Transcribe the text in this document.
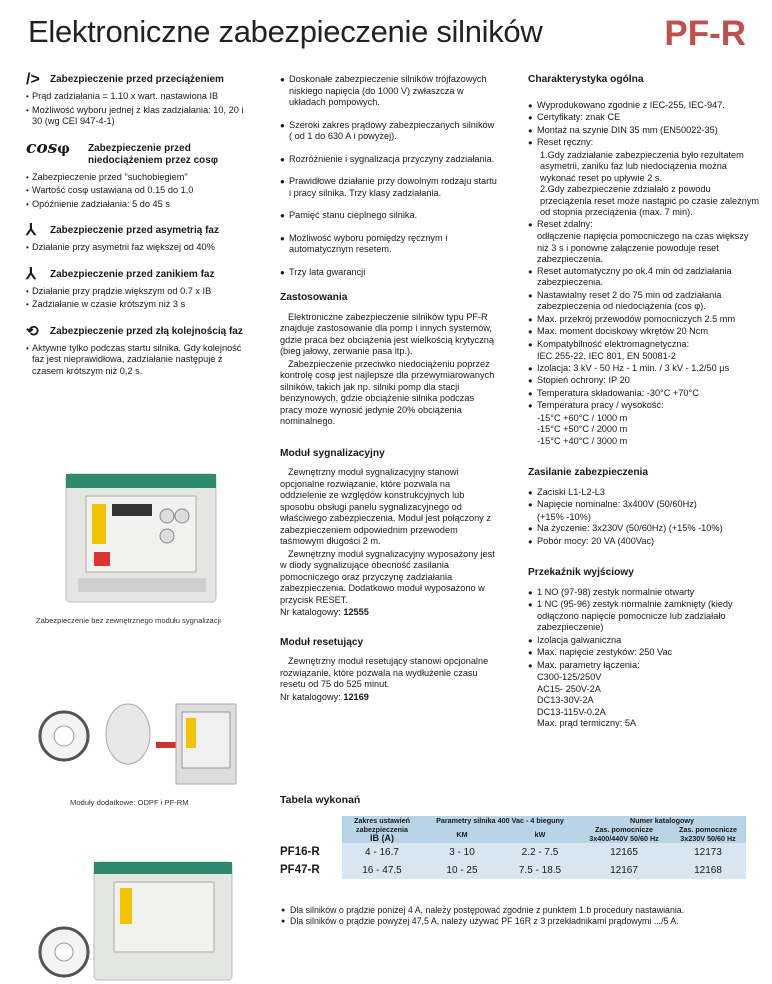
Elektroniczne zabezpieczenie silników	PF-R
/>	Zabezpieczenie przed przeciążeniem
• Prąd zadziałania = 1.10 x wart. nastawiona IB
• Możliwość wyboru jednej z klas zadziałania: 10, 20 i 30 (wg CEI 947-4-1)
cosφ	Zabezpieczenie przed niedociążeniem przez cosφ
• Zabezpieczenie przed "suchobiegiem"
• Wartość cosφ ustawiana od 0.15 do 1,0
• Opóźnienie zadziałania: 5 do 45 s
⅄	Zabezpieczenie przed asymetrią faz
• Działanie przy asymetrii faz większej od 40%
⅄	Zabezpieczenie przed zanikiem faz
• Działanie przy prądzie większym od 0.7 x IB
• Zadziałanie w czasie krótszym niż 3 s
⟲	Zabezpieczenie przed złą kolejnością faz
• Aktywne tylko podczas startu silnika. Gdy kolejność faz jest nieprawidłowa, zadziałanie następuje z czasem krótszym niż 0,2 s.
Zabezpieczenie bez zewnętrznego modułu sygnalizacji
Moduły dodatkowe: ODPF i PF-RM
● Doskonałe zabezpieczenie silników trójfazowych niskiego napięcia (do 1000 V) zwłaszcza w układach pompowych.
● Szeroki zakres prądowy zabezpieczanych silników ( od 1 do 630 A i powyżej).
● Rozróżnienie i sygnalizacja przyczyny zadziałania.
● Prawidłowe działanie przy dowolnym rodzaju startu i pracy silnika. Trzy klasy zadziałania.
● Pamięć stanu cieplnego silnika.
● Możliwość wyboru pomiędzy ręcznym i automatycznym resetem.
● Trzy lata gwarancji
Zastosowania

Elektroniczne zabezpieczenie silników typu PF-R znajduje zastosowanie dla pomp i innych systemów, gdzie praca bez obciążenia jest wielkością krytyczną (bieg jałowy, zerwanie pasa itp.).

Zabezpieczenie przeciwko niedociążeniu poprzez kontrolę cosφ jest najlepsze dla przewymiarowanych silników, takich jak np. silniki pomp dla stacji benzynowych, gdzie obciążenie silnika podczas pracy może wynosić jedynie 20% obciążenia nominalnego.

Moduł sygnalizacyjny

Zewnętrzny moduł sygnalizacyjny stanowi opcjonalne rozwiązanie, które pozwala na oddzielenie ze względów konstrukcyjnych lub sposobu obsługi panelu sygnalizacyjnego od właściwego zabezpieczenia. Moduł jest połączony z zabezpieczeniem odpowiednim przewodem taśmowym długości 2 m.

Zewnętrzny moduł sygnalizacyjny wyposażony jest w diody sygnalizujące obecność zasilania pomocniczego oraz przyczynę zadziałania zabezpieczenia. Dodatkowo moduł wyposażono w przycisk RESET.

Nr katalogowy: 12555
Moduł resetujący

Zewnętrzny moduł resetujący stanowi opcjonalne rozwiązanie, które pozwala na wydłużenie czasu resetu od 75 do 525 minut.

Nr katalogowy: 12169
Charakterystyka ogólna
● Wyprodukowano zgodnie z IEC-255, IEC-947.
● Certyfikaty: znak CE
● Montaż na szynie DIN 35 mm (EN50022-35)
● Reset ręczny:
1.Gdy zadziałanie zabezpieczenia było rezultatem asymetrii, zaniku faz lub niedociążenia można wykonać reset po upływie 2 s.
2.Gdy zabezpieczenie zdziałało z powodu przeciążenia reset może nastąpić po czasie zależnym od stopnia przeciążenia (max. 7 min).
● Reset zdalny:
odłączenie napięcia pomocniczego na czas większy niż 3 s i ponowne załączenie powoduje reset zabezpieczenia.
● Reset automatyczny po ok.4 min od zadziałania zabezpieczenia.
● Nastawialny reset 2 do 75 min od zadziałania zabezpieczenia od niedociążenia (cos φ).
● Max. przekrój przewodów pomocniczych 2.5 mm
● Max. moment dociskowy wkrętów 20 Ncm
● Kompatybilność elektromagnetyczna:
IEC 255-22, IEC 801, EN 50081-2
● Izolacja: 3 kV - 50 Hz - 1 min. / 3 kV - 1.2/50 µs
● Stopień ochrony: IP 20
● Temperatura składowania: -30°C +70°C
● Temperatura pracy / wysokość:
-15°C +60°C / 1000 m
-15°C +50°C / 2000 m
-15°C +40°C / 3000 m
Zasilanie zabezpieczenia
● Zaciski L1-L2-L3
● Napięcie nominalne: 3x400V (50/60Hz)
(+15% -10%)
● Na życzenie: 3x230V (50/60Hz) (+15% -10%)
● Pobór mocy: 20 VA (400Vac)
Przekaźnik wyjściowy
● 1 NO (97-98) zestyk normalnie otwarty
● 1 NC (95-96) zestyk normalnie zamknięty (kiedy odłączono napięcie pomocnicze lub zadziałało zabezpieczenie)
● Izolacja galwaniczna
● Max. napięcie zestyków: 250 Vac
● Max. parametry łączenia:
C300-125/250V
AC15- 250V-2A
DC13-30V-2A
DC13-115V-0.2A
Max. prąd termiczny: 5A
Tabela wykonań
	Zakres ustawień zabezpieczenia
IB (A)	Parametry silnika 400 Vac - 4 bieguny		Numer katalogowy	
		KM	kW	Zas. pomocnicze 3x400/440V 50/60 Hz	Zas. pomocnicze 3x230V 50/60 Hz
PF16-R	4 - 16.7	3 - 10	2.2 - 7.5	12165	12173
PF47-R	16 - 47.5	10 - 25	7.5 - 18.5	12167	12168
● Dla silników o prądzie poniżej 4 A, należy postępować zgodnie z punktem 1.b procedury nastawiania.
● Dla silników o prądzie powyżej 47,5 A, należy używać PF 16R z 3 przekładnikami prądowymi .../5 A.
